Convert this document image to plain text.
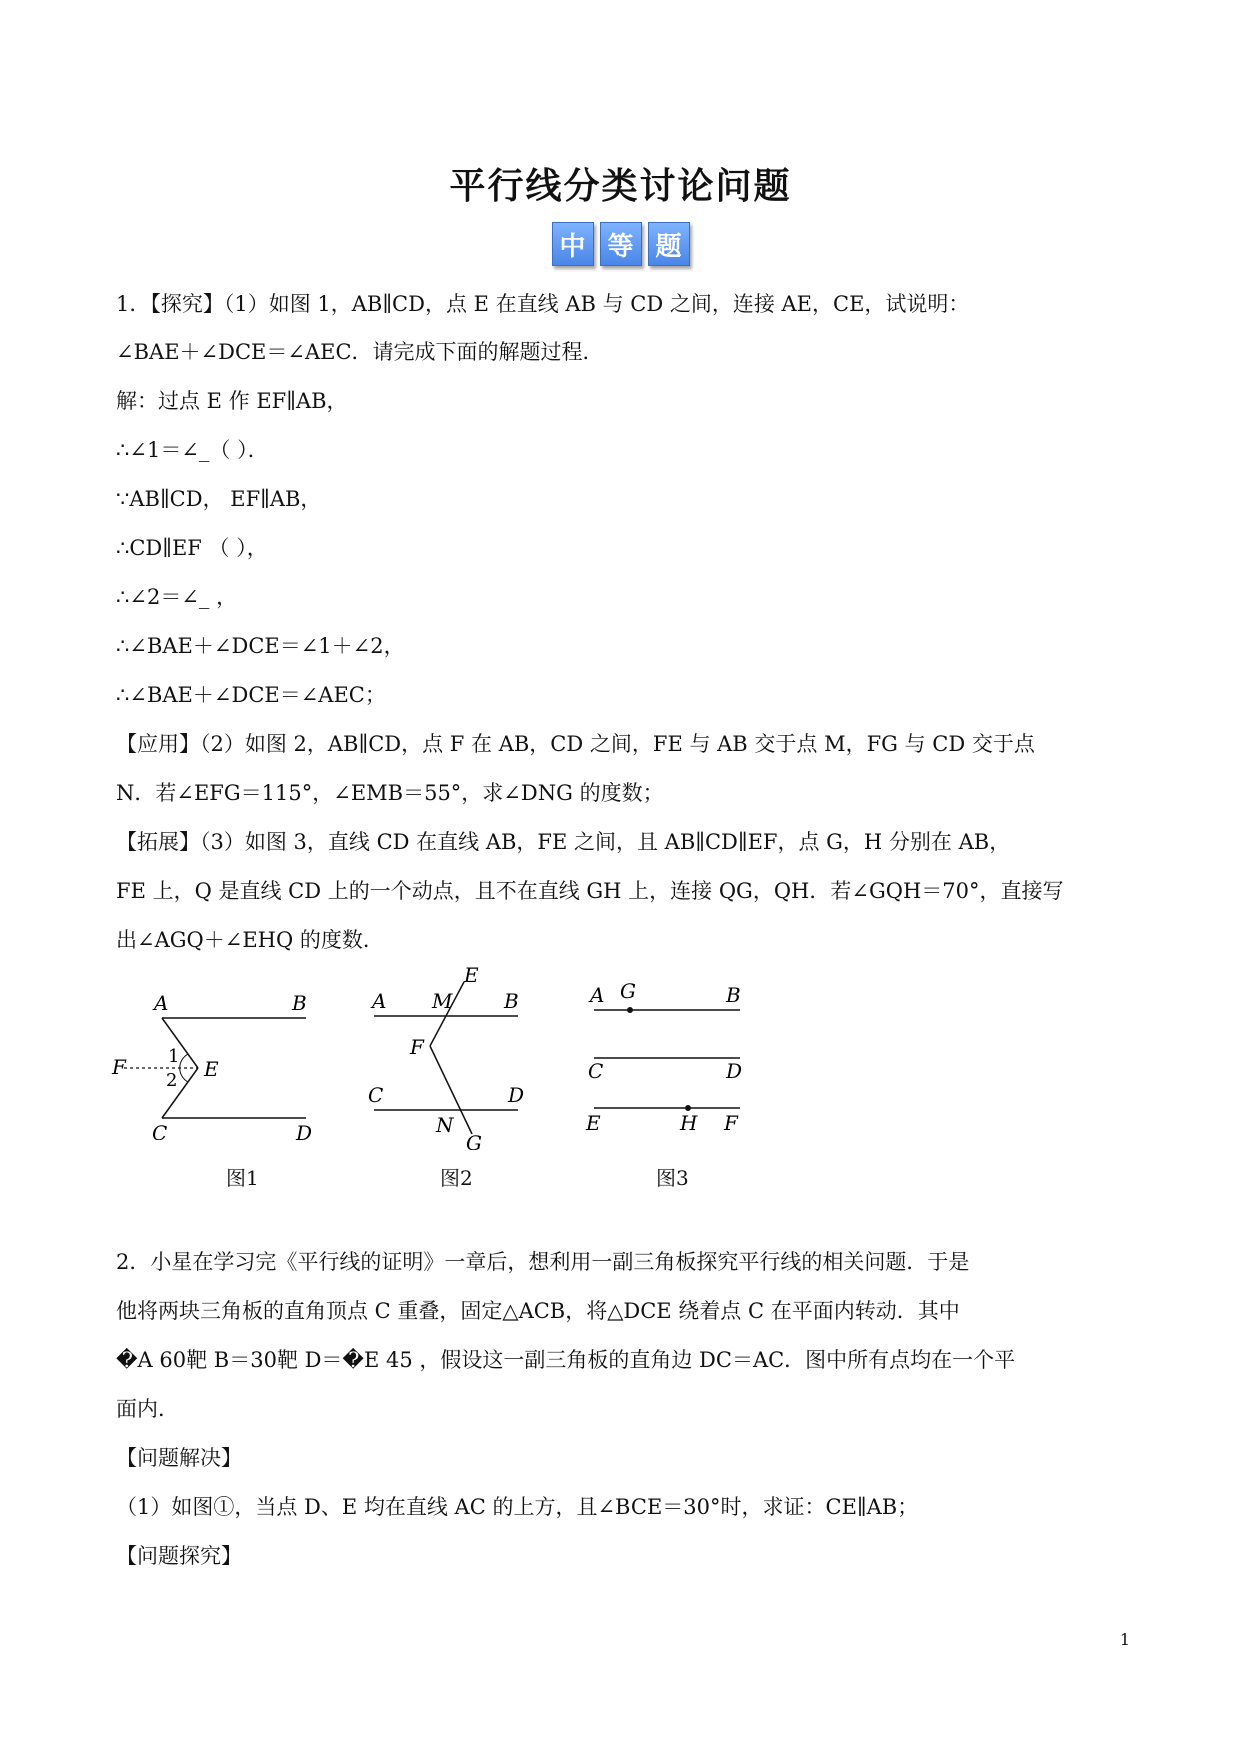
平行线分类讨论问题
中 等 题
1．【探究】（1）如图 1，AB∥CD，点 E 在直线 AB 与 CD 之间，连接 AE，CE，试说明：
∠BAE＋∠DCE＝∠AEC．请完成下面的解题过程．
解：过点 E 作 EF∥AB，
∴∠1＝∠_（ ）．
∵AB∥CD， EF∥AB，
∴CD∥EF （ ），
∴∠2＝∠_ ，
∴∠BAE＋∠DCE＝∠1＋∠2，
∴∠BAE＋∠DCE＝∠AEC；
【应用】（2）如图 2，AB∥CD，点 F 在 AB，CD 之间，FE 与 AB 交于点 M，FG 与 CD 交于点
N．若∠EFG＝115°，∠EMB＝55°，求∠DNG 的度数；
【拓展】（3）如图 3，直线 CD 在直线 AB，FE 之间，且 AB∥CD∥EF，点 G，H 分别在 AB，
FE 上，Q 是直线 CD 上的一个动点，且不在直线 GH 上，连接 QG，QH．若∠GQH＝70°，直接写
出∠AGQ＋∠EHQ 的度数．
A	B
F	E
1
2
C	D
图1
A M
E
B
F
C	D
N
G
图2
A G	B
C	D
E	H F
图3
2．小星在学习完《平行线的证明》一章后，想利用一副三角板探究平行线的相关问题．于是
他将两块三角板的直角顶点 C 重叠，固定△ACB，将△DCE 绕着点 C 在平面内转动．其中
�A 60靶 B＝30靶 D＝�E 45 ，假设这一副三角板的直角边 DC＝AC．图中所有点均在一个平
面内．
【问题解决】
（1）如图①，当点 D、E 均在直线 AC 的上方，且∠BCE＝30°时，求证：CE∥AB；
【问题探究】
1
